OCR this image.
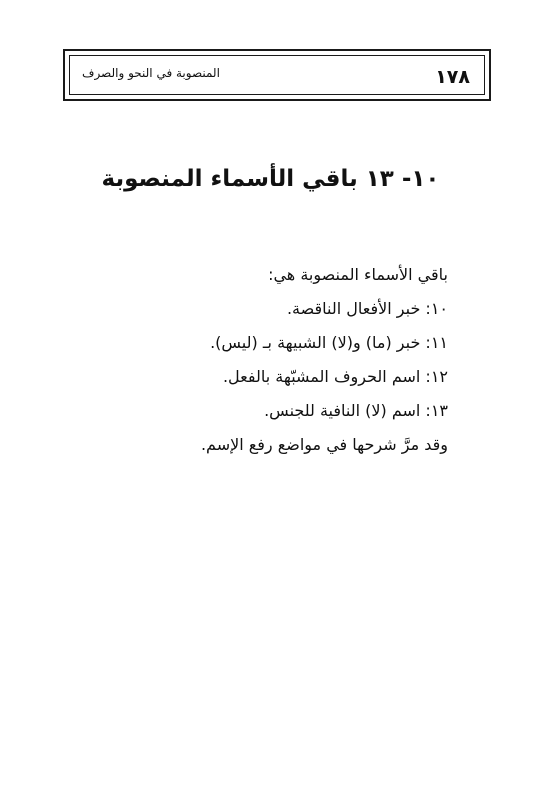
١٧٨
المنصوبة في النحو والصرف
١٠- ١٣ باقي الأسماء المنصوبة
باقي الأسماء المنصوبة هي:
١٠: خبر الأفعال الناقصة.
١١: خبر (ما) و(لا) الشبيهة بـ (ليس).
١٢: اسم الحروف المشبّهة بالفعل.
١٣: اسم (لا) النافية للجنس.
وقد مرَّ شرحها في مواضع رفع الإسم.
